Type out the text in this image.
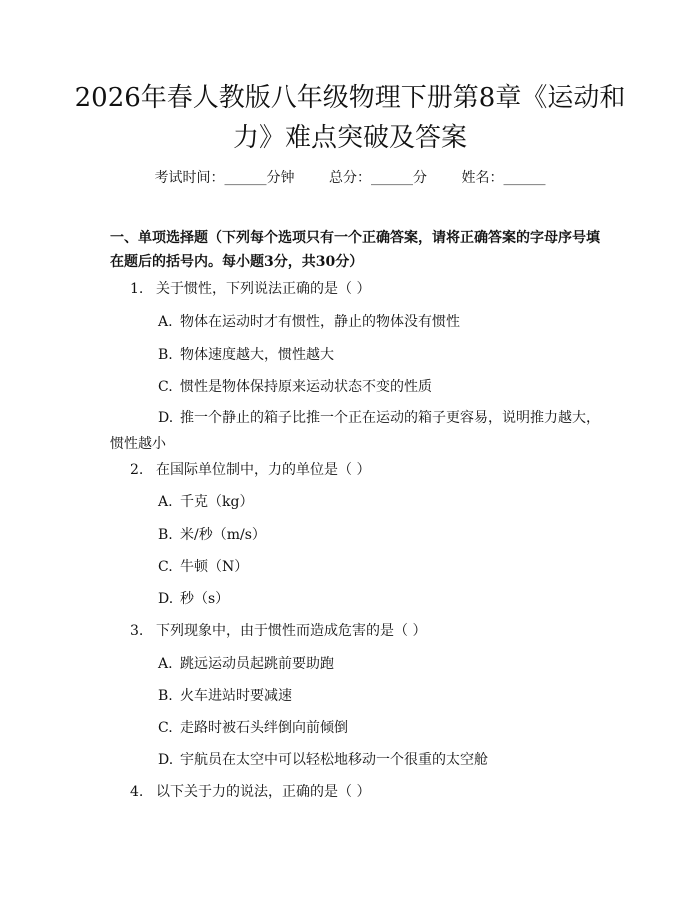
2026年春人教版八年级物理下册第8章《运动和力》难点突破及答案
考试时间：______分钟 总分：______分 姓名：______
一、单项选择题（下列每个选项只有一个正确答案，请将正确答案的字母序号填在题后的括号内。每小题3分，共30分）
1. 关于惯性，下列说法正确的是（ ）
A. 物体在运动时才有惯性，静止的物体没有惯性
B. 物体速度越大，惯性越大
C. 惯性是物体保持原来运动状态不变的性质
D. 推一个静止的箱子比推一个正在运动的箱子更容易，说明推力越大，惯性越小
2. 在国际单位制中，力的单位是（ ）
A. 千克（kg）
B. 米/秒（m/s）
C. 牛顿（N）
D. 秒（s）
3. 下列现象中，由于惯性而造成危害的是（ ）
A. 跳远运动员起跳前要助跑
B. 火车进站时要减速
C. 走路时被石头绊倒向前倾倒
D. 宇航员在太空中可以轻松地移动一个很重的太空舱
4. 以下关于力的说法，正确的是（ ）
